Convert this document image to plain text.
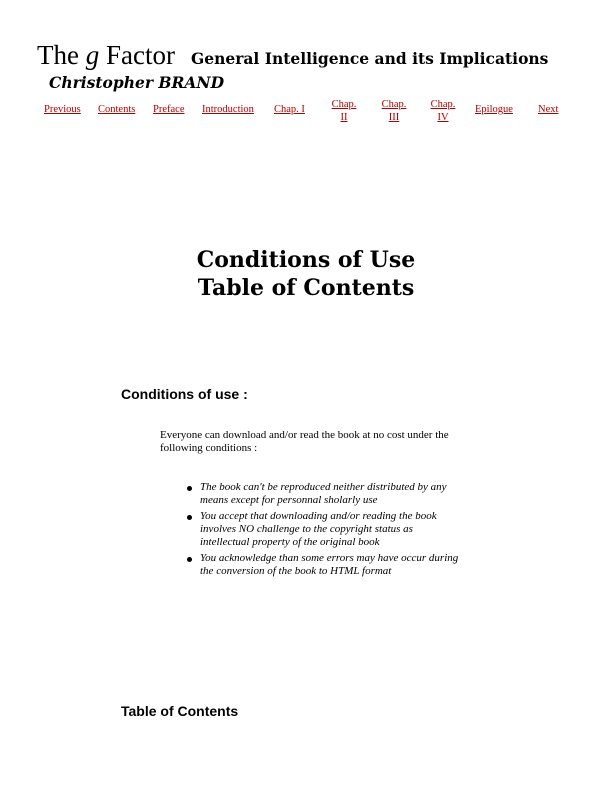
The g Factor General Intelligence and its Implications
Christopher BRAND
Previous Contents Preface Introduction Chap. I	Chap.
II
Chap.
III
Chap.
IV
Epilogue Next
Conditions of Use
Table of Contents
Conditions of use :
Everyone can download and/or read the book at no cost under the following conditions :
The book can't be reproduced neither distributed by any means except for personnal sholarly use
You accept that downloading and/or reading the book involves NO challenge to the copyright status as intellectual property of the original book
You acknowledge than some errors may have occur during the conversion of the book to HTML format
Table of Contents
